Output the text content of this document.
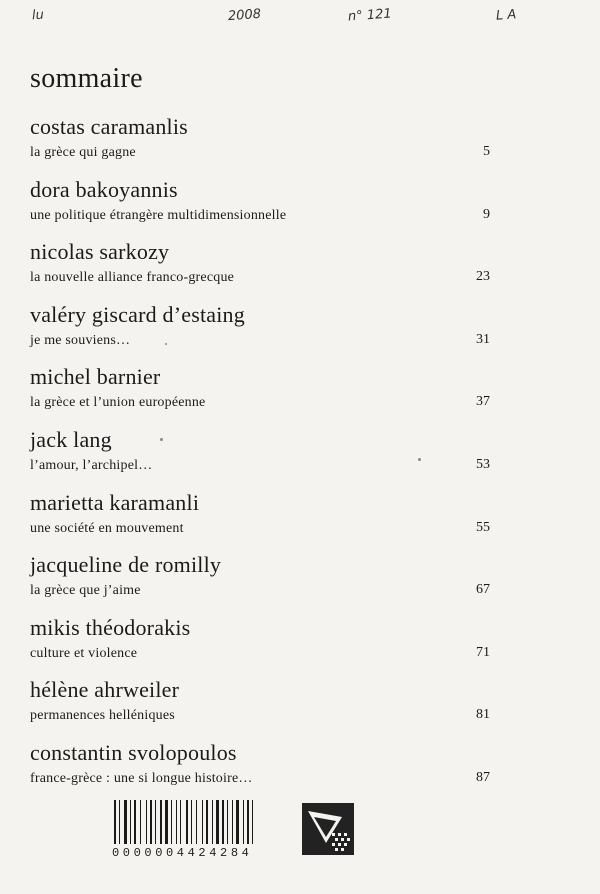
lu	2008	n° 121	L A
sommaire
costas caramanlis
la grèce qui gagne	5
dora bakoyannis
une politique étrangère multidimensionnelle	9
nicolas sarkozy
la nouvelle alliance franco-grecque	23
valéry giscard d’estaing
je me souviens…	31
michel barnier
la grèce et l’union européenne	37
jack lang
l’amour, l’archipel…	53
marietta karamanli
une société en mouvement	55
jacqueline de romilly
la grèce que j’aime	67
mikis théodorakis
culture et violence	71
hélène ahrweiler
permanences helléniques	81
constantin svolopoulos
france-grèce : une si longue histoire…	87
0000004424284
